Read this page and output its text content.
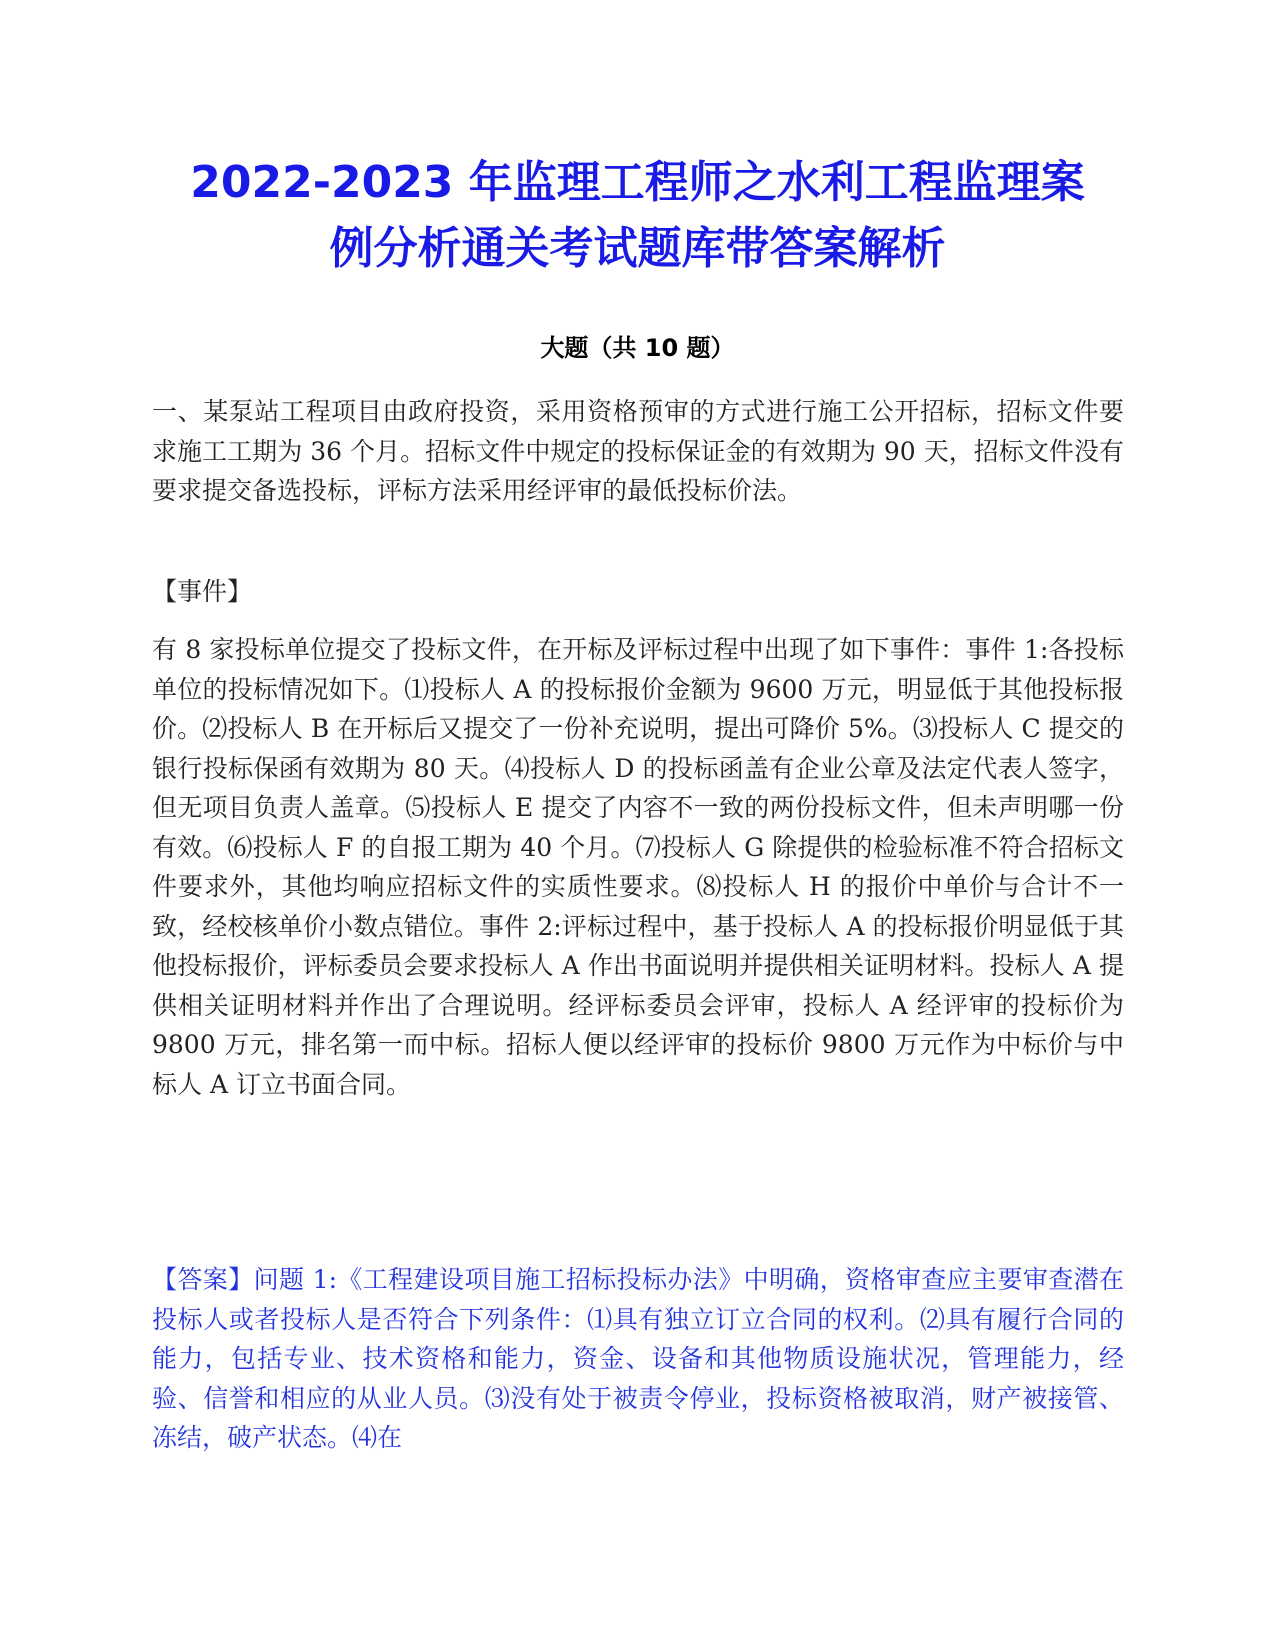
2022-2023 年监理工程师之水利工程监理案
例分析通关考试题库带答案解析
大题（共 10 题）

一、某泵站工程项目由政府投资，采用资格预审的方式进行施工公开招标，招标文件要求施工工期为 36 个月。招标文件中规定的投标保证金的有效期为 90 天，招标文件没有要求提交备选投标，评标方法采用经评审的最低投标价法。

【事件】

有 8 家投标单位提交了投标文件，在开标及评标过程中出现了如下事件：事件 1:各投标单位的投标情况如下。⑴投标人 A 的投标报价金额为 9600 万元，明显低于其他投标报价。⑵投标人 B 在开标后又提交了一份补充说明，提出可降价 5%。⑶投标人 C 提交的银行投标保函有效期为 80 天。⑷投标人 D 的投标函盖有企业公章及法定代表人签字，但无项目负责人盖章。⑸投标人 E 提交了内容不一致的两份投标文件，但未声明哪一份有效。⑹投标人 F 的自报工期为 40 个月。⑺投标人 G 除提供的检验标准不符合招标文件要求外，其他均响应招标文件的实质性要求。⑻投标人 H 的报价中单价与合计不一致，经校核单价小数点错位。事件 2:评标过程中，基于投标人 A 的投标报价明显低于其他投标报价，评标委员会要求投标人 A 作出书面说明并提供相关证明材料。投标人 A 提供相关证明材料并作出了合理说明。经评标委员会评审，投标人 A 经评审的投标价为 9800 万元，排名第一而中标。招标人便以经评审的投标价 9800 万元作为中标价与中标人 A 订立书面合同。

【答案】问题 1:《工程建设项目施工招标投标办法》中明确，资格审查应主要审查潜在投标人或者投标人是否符合下列条件：⑴具有独立订立合同的权利。⑵具有履行合同的能力，包括专业、技术资格和能力，资金、设备和其他物质设施状况，管理能力，经验、信誉和相应的从业人员。⑶没有处于被责令停业，投标资格被取消，财产被接管、冻结，破产状态。⑷在
